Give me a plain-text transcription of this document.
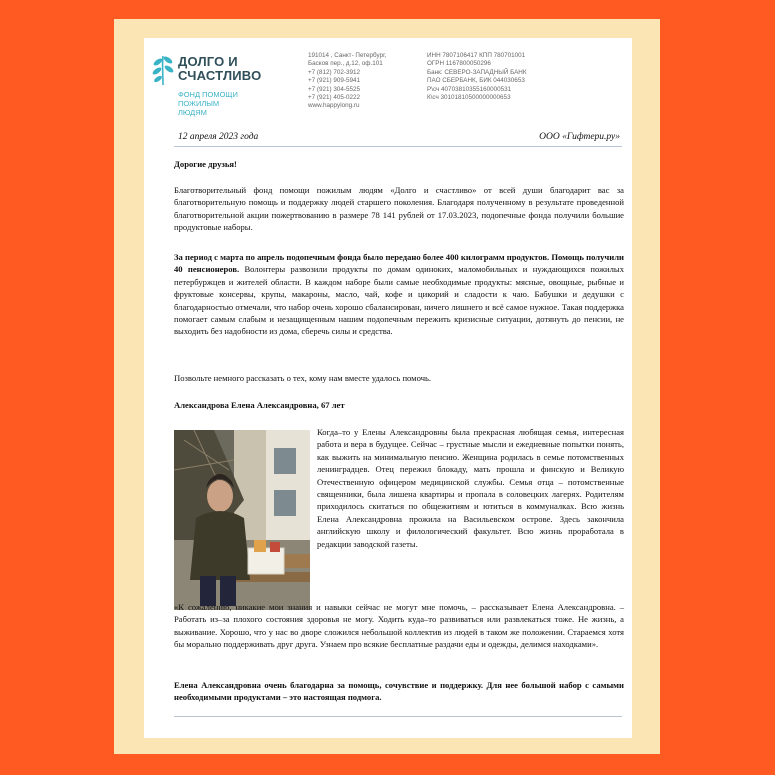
ДОЛГО И
СЧАСТЛИВО
ФОНД ПОМОЩИ
ПОЖИЛЫМ
ЛЮДЯМ
191014 , Санкт- Петербург,
Басков пер., д.12, оф.101
+7 (812) 702-3912
+7 (921) 909-5941
+7 (921) 304-5525
+7 (921) 405-0222
www.happylong.ru
ИНН 7807106417 КПП 780701001
ОГРН 1167800050296
Банк: СЕВЕРО-ЗАПАДНЫЙ БАНК
ПАО СБЕРБАНК, БИК 044030653
Р\сч 40703810355160000531
К\сч 30101810500000000653
12 апреля 2023 года	ООО «Гифтери.ру»

Дорогие друзья!

Благотворительный фонд помощи пожилым людям «Долго и счастливо» от всей души благодарит вас за благотворительную помощь и поддержку людей старшего поколения. Благодаря полученному в результате проведенной благотворительной акции пожертвованию в размере 78 141 рублей от 17.03.2023, подопечные фонда получили большие продуктовые наборы.

За период с марта по апрель подопечным фонда было передано более 400 килограмм продуктов. Помощь получили 40 пенсионеров. Волонтеры развозили продукты по домам одиноких, маломобильных и нуждающихся пожилых петербуржцев и жителей области. В каждом наборе были самые необходимые продукты: мясные, овощные, рыбные и фруктовые консервы, крупы, макароны, масло, чай, кофе и цикорий и сладости к чаю. Бабушки и дедушки с благодарностью отмечали, что набор очень хорошо сбалансирован, ничего лишнего и всё самое нужное. Такая поддержка помогает самым слабым и незащищенным нашим подопечным пережить кризисные ситуации, дотянуть до пенсии, не выходить без надобности из дома, сберечь силы и средства.

Позвольте немного рассказать о тех, кому нам вместе удалось помочь.

Александрова Елена Александровна, 67 лет

Когда–то у Елены Александровны была прекрасная любящая семья, интересная работа и вера в будущее. Сейчас – грустные мысли и ежедневные попытки понять, как выжить на минимальную пенсию. Женщина родилась в семье потомственных ленинградцев. Отец пережил блокаду, мать прошла и финскую и Великую Отечественную офицером медицинской службы. Семья отца – потомственные священники, была лишена квартиры и пропала в соловецких лагерях. Родителям приходилось скитаться по общежитиям и ютиться в коммуналках. Всю жизнь Елена Александровна прожила на Васильевском острове. Здесь закончила английскую школу и филологический факультет. Всю жизнь проработала в редакции заводской газеты.

«К сожалению, никакие мои знания и навыки сейчас не могут мне помочь, – рассказывает Елена Александровна. – Работать из–за плохого состояния здоровья не могу. Ходить куда–то развиваться или развлекаться тоже. Не жизнь, а выживание. Хорошо, что у нас во дворе сложился небольшой коллектив из людей в таком же положении. Стараемся хотя бы морально поддерживать друг друга. Узнаем про всякие бесплатные раздачи еды и одежды, делимся находками».

Елена Александровна очень благодарна за помощь, сочувствие и поддержку. Для нее большой набор с самыми необходимыми продуктами – это настоящая подмога.
